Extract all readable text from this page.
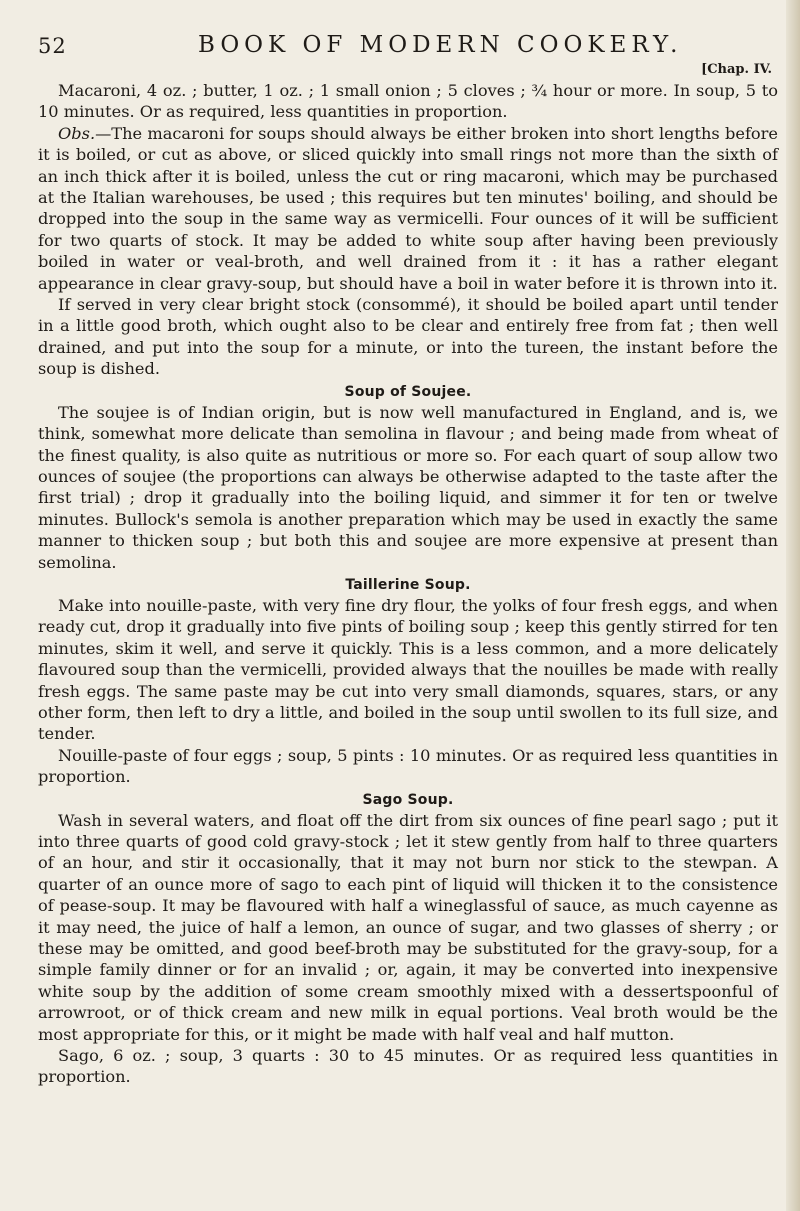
52	BOOK OF MODERN COOKERY.
[Chap. IV.

Macaroni, 4 oz. ; butter, 1 oz. ; 1 small onion ; 5 cloves ; ¾ hour or more. In soup, 5 to 10 minutes. Or as required, less quantities in proportion.

Obs.—The macaroni for soups should always be either broken into short lengths before it is boiled, or cut as above, or sliced quickly into small rings not more than the sixth of an inch thick after it is boiled, unless the cut or ring macaroni, which may be purchased at the Italian warehouses, be used ; this requires but ten minutes' boiling, and should be dropped into the soup in the same way as vermicelli. Four ounces of it will be sufficient for two quarts of stock. It may be added to white soup after having been previously boiled in water or veal-broth, and well drained from it : it has a rather elegant appearance in clear gravy-soup, but should have a boil in water before it is thrown into it.

If served in very clear bright stock (consommé), it should be boiled apart until tender in a little good broth, which ought also to be clear and entirely free from fat ; then well drained, and put into the soup for a minute, or into the tureen, the instant before the soup is dished.

Soup of Soujee.

The soujee is of Indian origin, but is now well manufactured in England, and is, we think, somewhat more delicate than semolina in flavour ; and being made from wheat of the finest quality, is also quite as nutritious or more so. For each quart of soup allow two ounces of soujee (the proportions can always be otherwise adapted to the taste after the first trial) ; drop it gradually into the boiling liquid, and simmer it for ten or twelve minutes. Bullock's semola is another preparation which may be used in exactly the same manner to thicken soup ; but both this and soujee are more expensive at present than semolina.

Taillerine Soup.

Make into nouille-paste, with very fine dry flour, the yolks of four fresh eggs, and when ready cut, drop it gradually into five pints of boiling soup ; keep this gently stirred for ten minutes, skim it well, and serve it quickly. This is a less common, and a more delicately flavoured soup than the vermicelli, provided always that the nouilles be made with really fresh eggs. The same paste may be cut into very small diamonds, squares, stars, or any other form, then left to dry a little, and boiled in the soup until swollen to its full size, and tender.

Nouille-paste of four eggs ; soup, 5 pints : 10 minutes. Or as required less quantities in proportion.

Sago Soup.

Wash in several waters, and float off the dirt from six ounces of fine pearl sago ; put it into three quarts of good cold gravy-stock ; let it stew gently from half to three quarters of an hour, and stir it occasionally, that it may not burn nor stick to the stewpan. A quarter of an ounce more of sago to each pint of liquid will thicken it to the consistence of pease-soup. It may be flavoured with half a wineglassful of sauce, as much cayenne as it may need, the juice of half a lemon, an ounce of sugar, and two glasses of sherry ; or these may be omitted, and good beef-broth may be substituted for the gravy-soup, for a simple family dinner or for an invalid ; or, again, it may be converted into inexpensive white soup by the addition of some cream smoothly mixed with a dessertspoonful of arrowroot, or of thick cream and new milk in equal portions. Veal broth would be the most appropriate for this, or it might be made with half veal and half mutton.

Sago, 6 oz. ; soup, 3 quarts : 30 to 45 minutes. Or as required less quantities in proportion.
